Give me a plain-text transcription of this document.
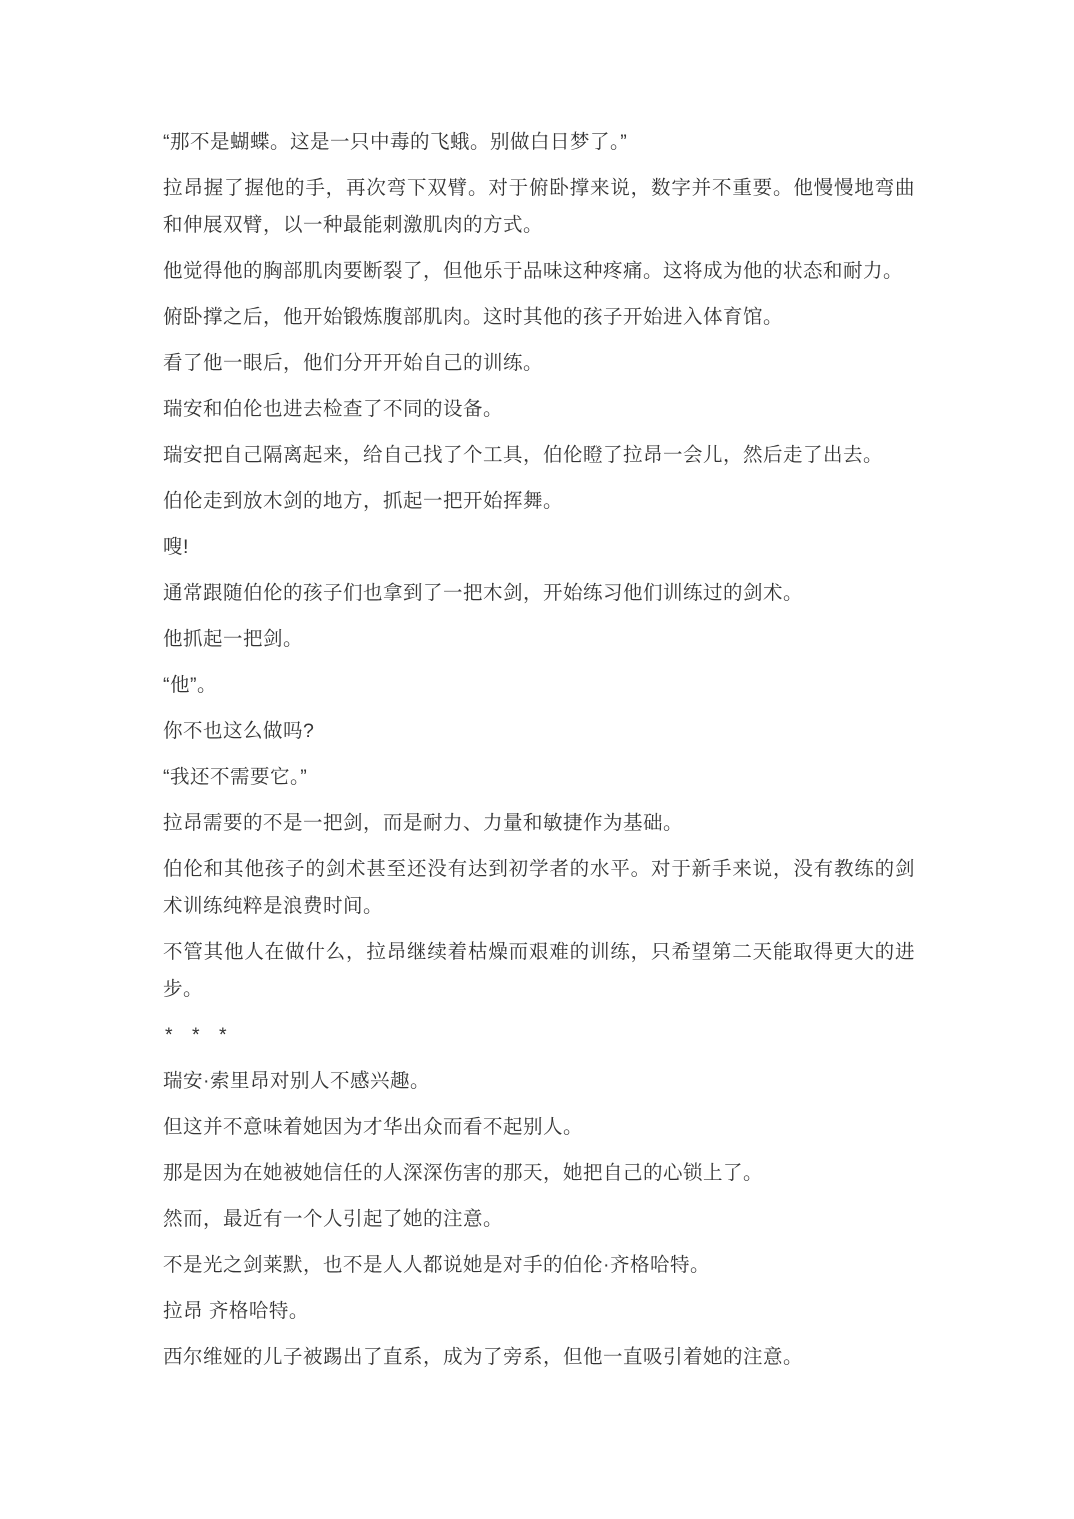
“那不是蝴蝶。这是一只中毒的飞蛾。别做白日梦了。”

拉昂握了握他的手，再次弯下双臂。对于俯卧撑来说，数字并不重要。他慢慢地弯曲和伸展双臂，以一种最能刺激肌肉的方式。

他觉得他的胸部肌肉要断裂了，但他乐于品味这种疼痛。这将成为他的状态和耐力。

俯卧撑之后，他开始锻炼腹部肌肉。这时其他的孩子开始进入体育馆。

看了他一眼后，他们分开开始自己的训练。

瑞安和伯伦也进去检查了不同的设备。

瑞安把自己隔离起来，给自己找了个工具，伯伦瞪了拉昂一会儿，然后走了出去。

伯伦走到放木剑的地方，抓起一把开始挥舞。

嗖!

通常跟随伯伦的孩子们也拿到了一把木剑，开始练习他们训练过的剑术。

他抓起一把剑。

“他”。

你不也这么做吗?

“我还不需要它。”

拉昂需要的不是一把剑，而是耐力、力量和敏捷作为基础。

伯伦和其他孩子的剑术甚至还没有达到初学者的水平。对于新手来说，没有教练的剑术训练纯粹是浪费时间。

不管其他人在做什么，拉昂继续着枯燥而艰难的训练，只希望第二天能取得更大的进步。

* * *

瑞安·索里昂对别人不感兴趣。

但这并不意味着她因为才华出众而看不起别人。

那是因为在她被她信任的人深深伤害的那天，她把自己的心锁上了。

然而，最近有一个人引起了她的注意。

不是光之剑莱默，也不是人人都说她是对手的伯伦·齐格哈特。

拉昂 齐格哈特。

西尔维娅的儿子被踢出了直系，成为了旁系，但他一直吸引着她的注意。
